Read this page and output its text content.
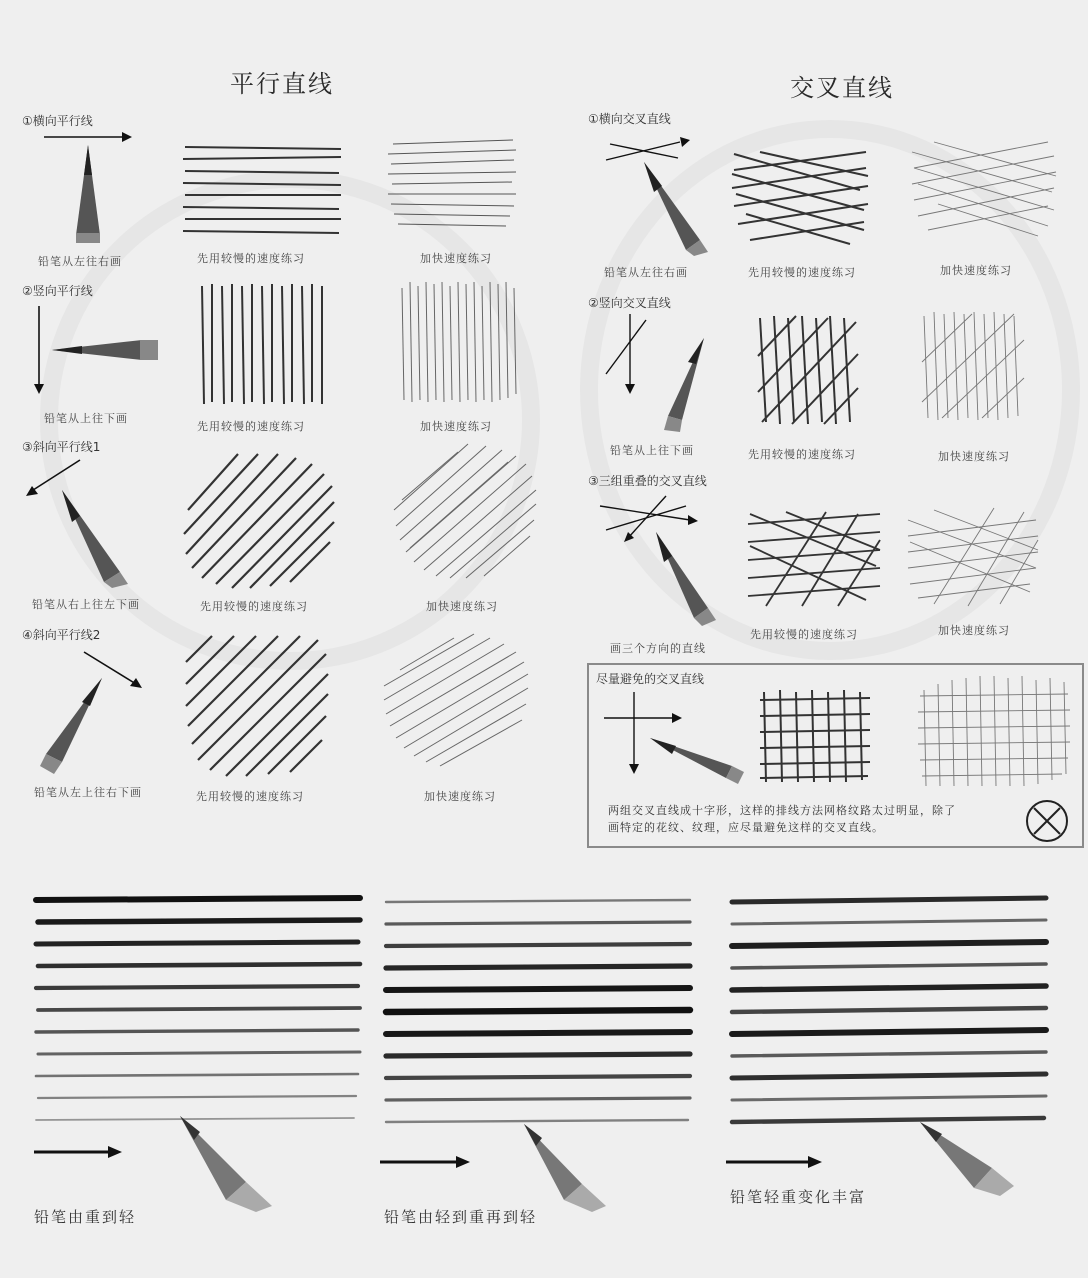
平行直线
①横向平行线
铅笔从左往右画	先用较慢的速度练习	加快速度练习
②竖向平行线
铅笔从上往下画
先用较慢的速度练习	加快速度练习
③斜向平行线1
铅笔从右上往左下画	先用较慢的速度练习	加快速度练习
④斜向平行线2
铅笔从左上往右下画	先用较慢的速度练习	加快速度练习
交叉直线
①横向交叉直线
铅笔从左往右画	先用较慢的速度练习	加快速度练习
②竖向交叉直线
铅笔从上往下画	先用较慢的速度练习	加快速度练习
③三组重叠的交叉直线
画三个方向的直线
先用较慢的速度练习	加快速度练习
尽量避免的交叉直线
两组交叉直线成十字形，这样的排线方法网格纹路太过明显，除了
画特定的花纹、纹理，应尽量避免这样的交叉直线。
铅笔由重到轻	铅笔由轻到重再到轻
铅笔轻重变化丰富
